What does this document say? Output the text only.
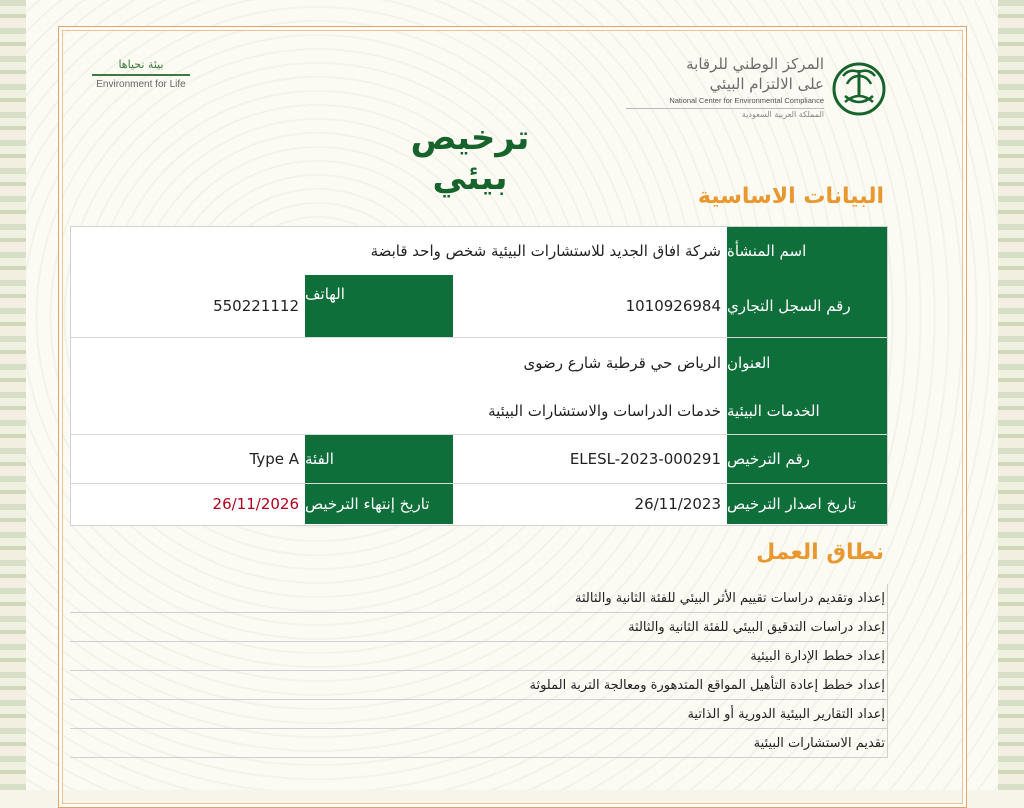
المركز الوطني للرقابة
على الالتزام البيئي
National Center for Environmental Compliance
المملكة العربية السعودية
بيئة نحياها
Environment for Life
ترخيص بيئي	البيانات الاساسية
اسم المنشأة
شركة افاق الجديد للاستشارات البيئية شخص واحد قابضة
رقم السجل التجاري
1010926984
الهاتف
550221112
العنوان
الرياض حي قرطبة شارع رضوى
الخدمات البيئية
خدمات الدراسات والاستشارات البيئية
رقم الترخيص
ELESL-2023-000291
الفئة
Type A
تاريخ اصدار الترخيص
26/11/2023
تاريخ إنتهاء الترخيص
26/11/2026
نطاق العمل
إعداد وتقديم دراسات تقييم الأثر البيئي للفئة الثانية والثالثة
إعداد دراسات التدقيق البيئي للفئة الثانية والثالثة
إعداد خطط الإدارة البيئية
إعداد خطط إعادة التأهيل المواقع المتدهورة ومعالجة التربة الملوثة
إعداد التقارير البيئية الدورية أو الذاتية
تقديم الاستشارات البيئية
